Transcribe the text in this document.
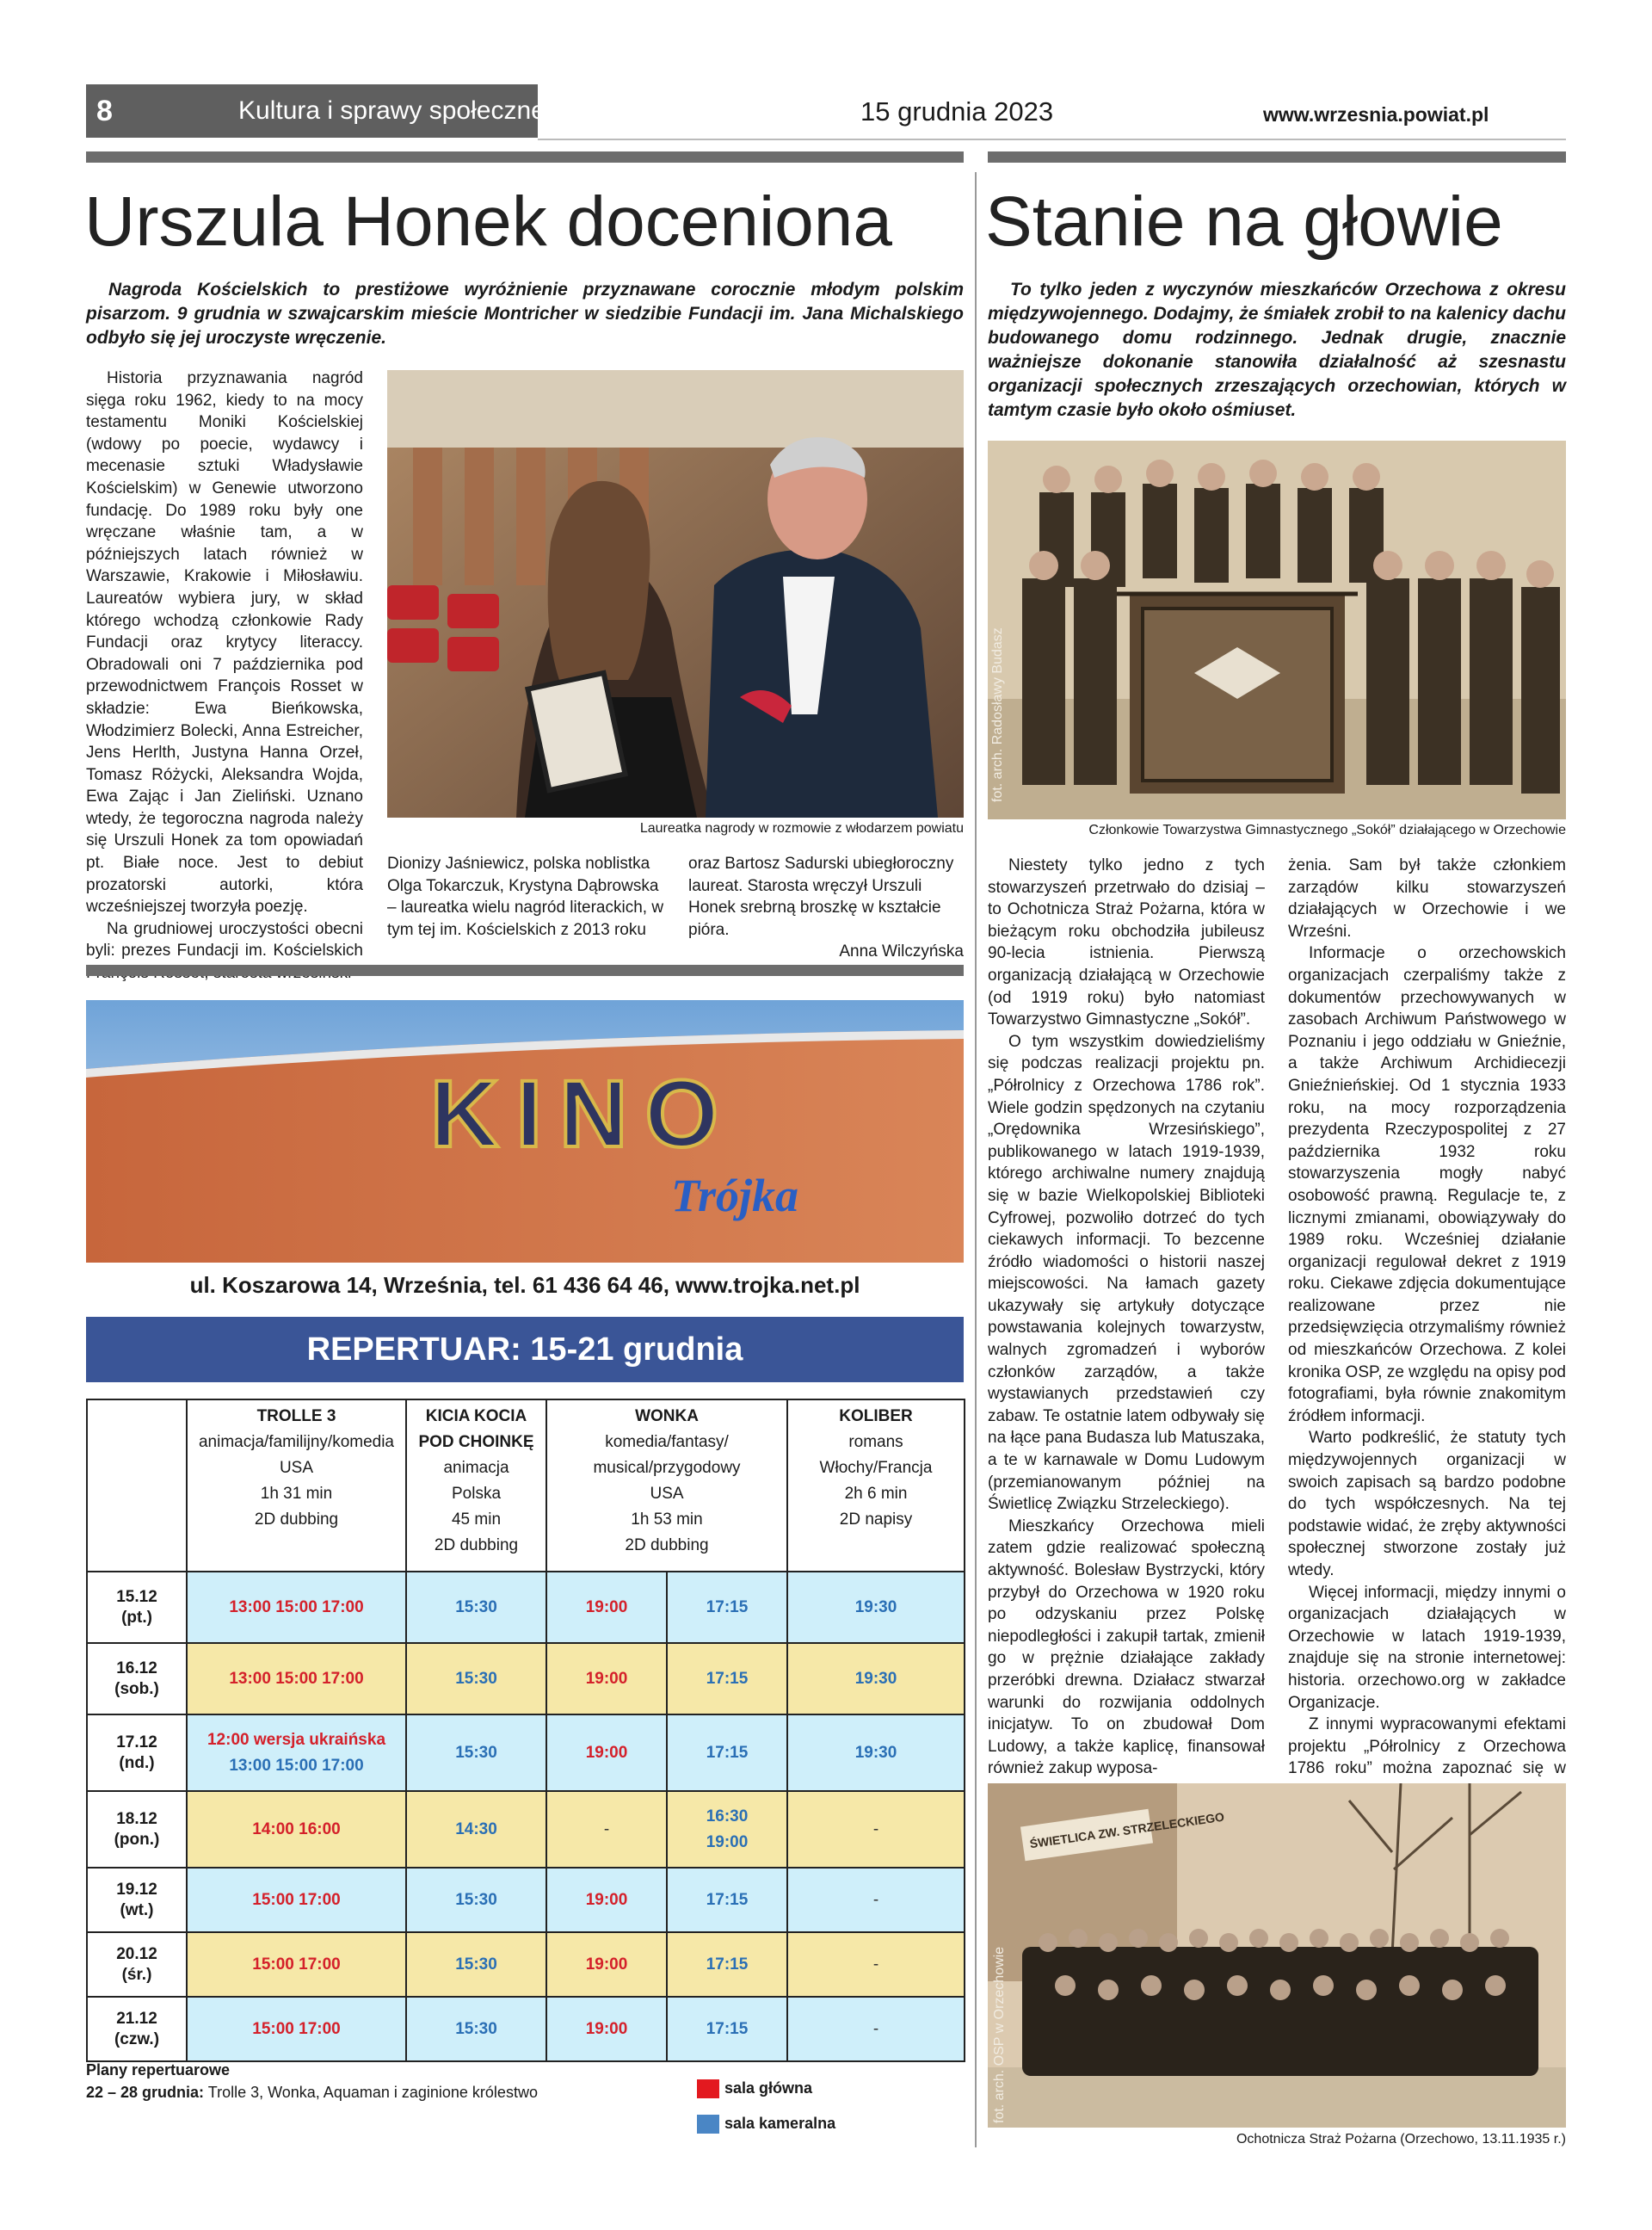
8	Kultura i sprawy społeczne	15 grudnia 2023	www.wrzesnia.powiat.pl
Urszula Honek doceniona
Nagroda Kościelskich to prestiżowe wyróżnienie przyznawane corocznie młodym polskim pisarzom. 9 grudnia w szwajcarskim mieście Montricher w siedzibie Fundacji im. Jana Michalskiego odbyło się jej uroczyste wręczenie.

Historia przyznawania nagród sięga roku 1962, kiedy to na mocy testamentu Moniki Kościelskiej (wdowy po poecie, wydawcy i mecenasie sztuki Władysławie Kościelskim) w Genewie utworzono fundację. Do 1989 roku były one wręczane właśnie tam, a w późniejszych latach również w Warszawie, Krakowie i Miłosławiu. Laureatów wybiera jury, w skład którego wchodzą członkowie Rady Fundacji oraz krytycy literaccy. Obradowali oni 7 października pod przewodnictwem François Rosset w składzie: Ewa Bieńkowska, Włodzimierz Bolecki, Anna Estreicher, Jens Herlth, Justyna Hanna Orzeł, Tomasz Różycki, Aleksandra Wojda, Ewa Zając i Jan Zieliński. Uznano wtedy, że tegoroczna nagroda należy się Urszuli Honek za tom opowiadań pt. Białe noce. Jest to debiut prozatorski autorki, która wcześniejszej tworzyła poezję.

Na grudniowej uroczystości obecni byli: prezes Fundacji im. Kościelskich

Laureatka nagrody w rozmowie z włodarzem powiatu
Dionizy Jaśniewicz, polska noblistka Olga Tokarczuk, Krystyna Dąbrowska – laureatka wielu nagród literackich, w tym tej im. Kościelskich z 2013 roku
oraz Bartosz Sadurski ubiegłoroczny laureat. Starosta wręczył Urszuli Honek srebrną broszkę w kształcie pióra.
Anna Wilczyńska
KINO
Trójka
ul. Koszarowa 14, Września, tel. 61 436 64 46, www.trojka.net.pl
REPERTUAR: 15-21 grudnia
	TROLLE 3
animacja/familijny/komedia
USA
1h 31 min
2D dubbing	KICIA KOCIA POD CHOINKĘ
animacja
Polska
45 min
2D dubbing	WONKA
komedia/fantasy/ musical/przygodowy
USA
1h 53 min
2D dubbing		KOLIBER
romans
Włochy/Francja
2h 6 min
2D napisy
15.12
(pt.)	13:00 15:00 17:00	15:30	19:00	17:15	19:30
16.12
(sob.)	13:00 15:00 17:00	15:30	19:00	17:15	19:30
17.12
(nd.)	12:00 wersja ukraińska
13:00 15:00 17:00	15:30	19:00	17:15	19:30
18.12
(pon.)	14:00 16:00	14:30	-	16:30
19:00	-
19.12
(wt.)	15:00 17:00	15:30	19:00	17:15	-
20.12
(śr.)	15:00 17:00	15:30	19:00	17:15	-
21.12
(czw.)	15:00 17:00	15:30	19:00	17:15	-
Plany repertuarowe
22 – 28 grudnia: Trolle 3, Wonka, Aquaman i zaginione królestwo	sala główna
sala kameralna
Stanie na głowie
To tylko jeden z wyczynów mieszkańców Orzechowa z okresu międzywojennego. Dodajmy, że śmiałek zrobił to na kalenicy dachu budowanego domu rodzinnego. Jednak drugie, znacznie ważniejsze dokonanie stanowiła działalność aż szesnastu organizacji społecznych zrzeszających orzechowian, których w tamtym czasie było około ośmiuset.
fot. arch. Radosławy Budasz
Członkowie Towarzystwa Gimnastycznego „Sokół” działającego w Orzechowie

Niestety tylko jedno z tych stowarzyszeń przetrwało do dzisiaj – to Ochotnicza Straż Pożarna, która w bieżącym roku obchodziła jubileusz 90-lecia istnienia. Pierwszą organizacją działającą w Orzechowie (od 1919 roku) było natomiast Towarzystwo Gimnastyczne „Sokół”.

O tym wszystkim dowiedzieliśmy się podczas realizacji projektu pn. „Półrolnicy z Orzechowa 1786 rok”. Wiele godzin spędzonych na czytaniu „Orędownika Wrzesińskiego”, publikowanego w latach 1919-1939, którego archiwalne numery znajdują się w bazie Wielkopolskiej Biblioteki Cyfrowej, pozwoliło dotrzeć do tych ciekawych informacji. To bezcenne źródło wiadomości o historii naszej miejscowości. Na łamach gazety ukazywały się artykuły dotyczące powstawania kolejnych towarzystw, walnych zgromadzeń i wyborów członków zarządów, a także wystawianych przedstawień czy zabaw. Te ostatnie latem odbywały się na łące pana Budasza lub Matuszaka, a te w karnawale w Domu Ludowym (przemianowanym później na Świetlicę Związku Strzeleckiego).

Mieszkańcy Orzechowa mieli zatem gdzie realizować społeczną aktywność. Bolesław Bystrzycki, który przybył do Orzechowa w 1920 roku po odzyskaniu przez Polskę niepodległości i zakupił tartak, zmienił go w prężnie działające zakłady przeróbki drewna. Działacz stwarzał warunki do rozwijania oddolnych inicjatyw. To on zbudował Dom Ludowy, a także kaplicę, finansował również zakup wyposa-

żenia. Sam był także członkiem zarządów kilku stowarzyszeń działających w Orzechowie i we Wrześni.

Informacje o orzechowskich organizacjach czerpaliśmy także z dokumentów przechowywanych w zasobach Archiwum Państwowego w Poznaniu i jego oddziału w Gnieźnie, a także Archiwum Archidiecezji Gnieźnieńskiej. Od 1 stycznia 1933 roku, na mocy rozporządzenia prezydenta Rzeczypospolitej z 27 października 1932 roku stowarzyszenia mogły nabyć osobowość prawną. Regulacje te, z licznymi zmianami, obowiązywały do 1989 roku. Wcześniej działanie organizacji regulował dekret z 1919 roku. Ciekawe zdjęcia dokumentujące realizowane przez nie przedsięwzięcia otrzymaliśmy również od mieszkańców Orzechowa. Z kolei kronika OSP, ze względu na opisy pod fotografiami, była równie znakomitym źródłem informacji.

Warto podkreślić, że statuty tych międzywojennych organizacji w swoich zapisach są bardzo podobne do tych współczesnych. Na tej podstawie widać, że zręby aktywności społecznej stworzone zostały już wtedy.

Więcej informacji, między innymi o organizacjach działających w Orzechowie w latach 1919-1939, znajduje się na stronie internetowej: historia. orzechowo.org w zakładce Organizacje.

Z innymi wypracowanymi efektami projektu „Półrolnicy z Orzechowa 1786 roku” można zapoznać się w

ŚWIETLICA ZW. STRZELECKIEGO
fot. arch. OSP w Orzechowie
Ochotnicza Straż Pożarna (Orzechowo, 13.11.1935 r.)
